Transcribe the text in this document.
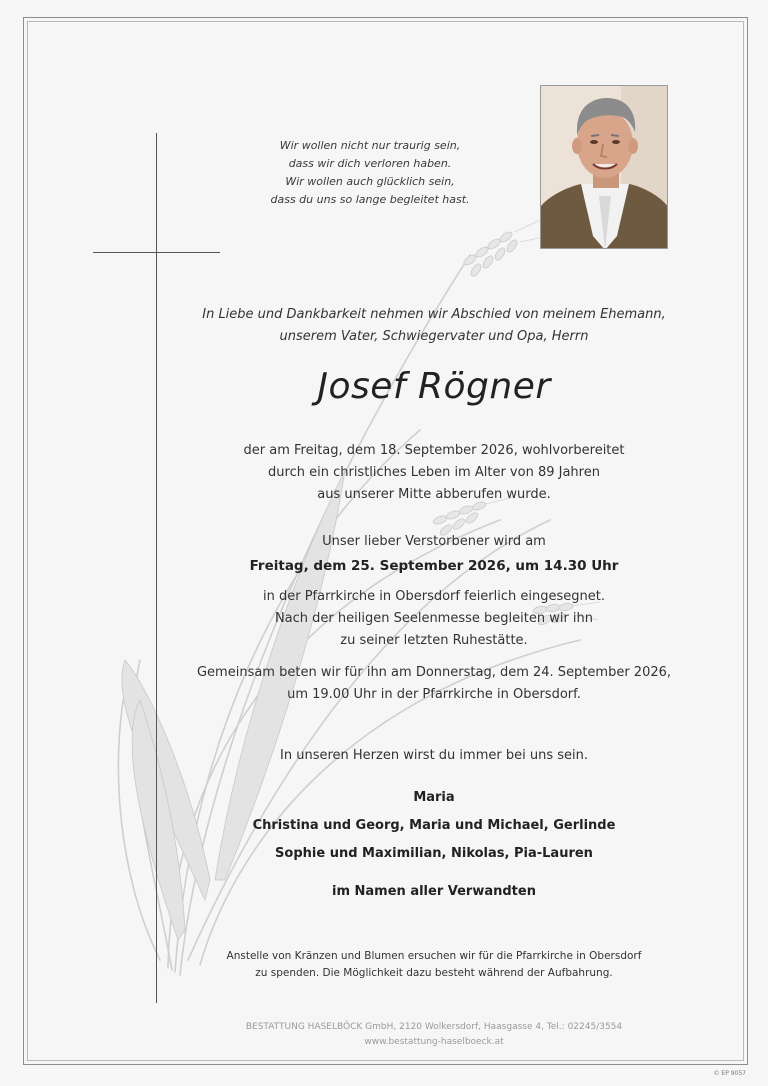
Wir wollen nicht nur traurig sein,
dass wir dich verloren haben.
Wir wollen auch glücklich sein,
dass du uns so lange begleitet hast.
In Liebe und Dankbarkeit nehmen wir Abschied von meinem Ehemann,
unserem Vater, Schwiegervater und Opa, Herrn
Josef Rögner
der am Freitag, dem 18. September 2026, wohlvorbereitet
durch ein christliches Leben im Alter von 89 Jahren
aus unserer Mitte abberufen wurde.
Unser lieber Verstorbener wird am
Freitag, dem 25. September 2026, um 14.30 Uhr
in der Pfarrkirche in Obersdorf feierlich eingesegnet.
Nach der heiligen Seelenmesse begleiten wir ihn
zu seiner letzten Ruhestätte.
Gemeinsam beten wir für ihn am Donnerstag, dem 24. September 2026,
um 19.00 Uhr in der Pfarrkirche in Obersdorf.
In unseren Herzen wirst du immer bei uns sein.
Maria
Christina und Georg, Maria und Michael, Gerlinde
Sophie und Maximilian, Nikolas, Pia-Lauren
im Namen aller Verwandten
Anstelle von Kränzen und Blumen ersuchen wir für die Pfarrkirche in Obersdorf
zu spenden. Die Möglichkeit dazu besteht während der Aufbahrung.
BESTATTUNG HASELBÖCK GmbH, 2120 Wolkersdorf, Haasgasse 4, Tel.: 02245/3554
www.bestattung-haselboeck.at
© EP 9057
